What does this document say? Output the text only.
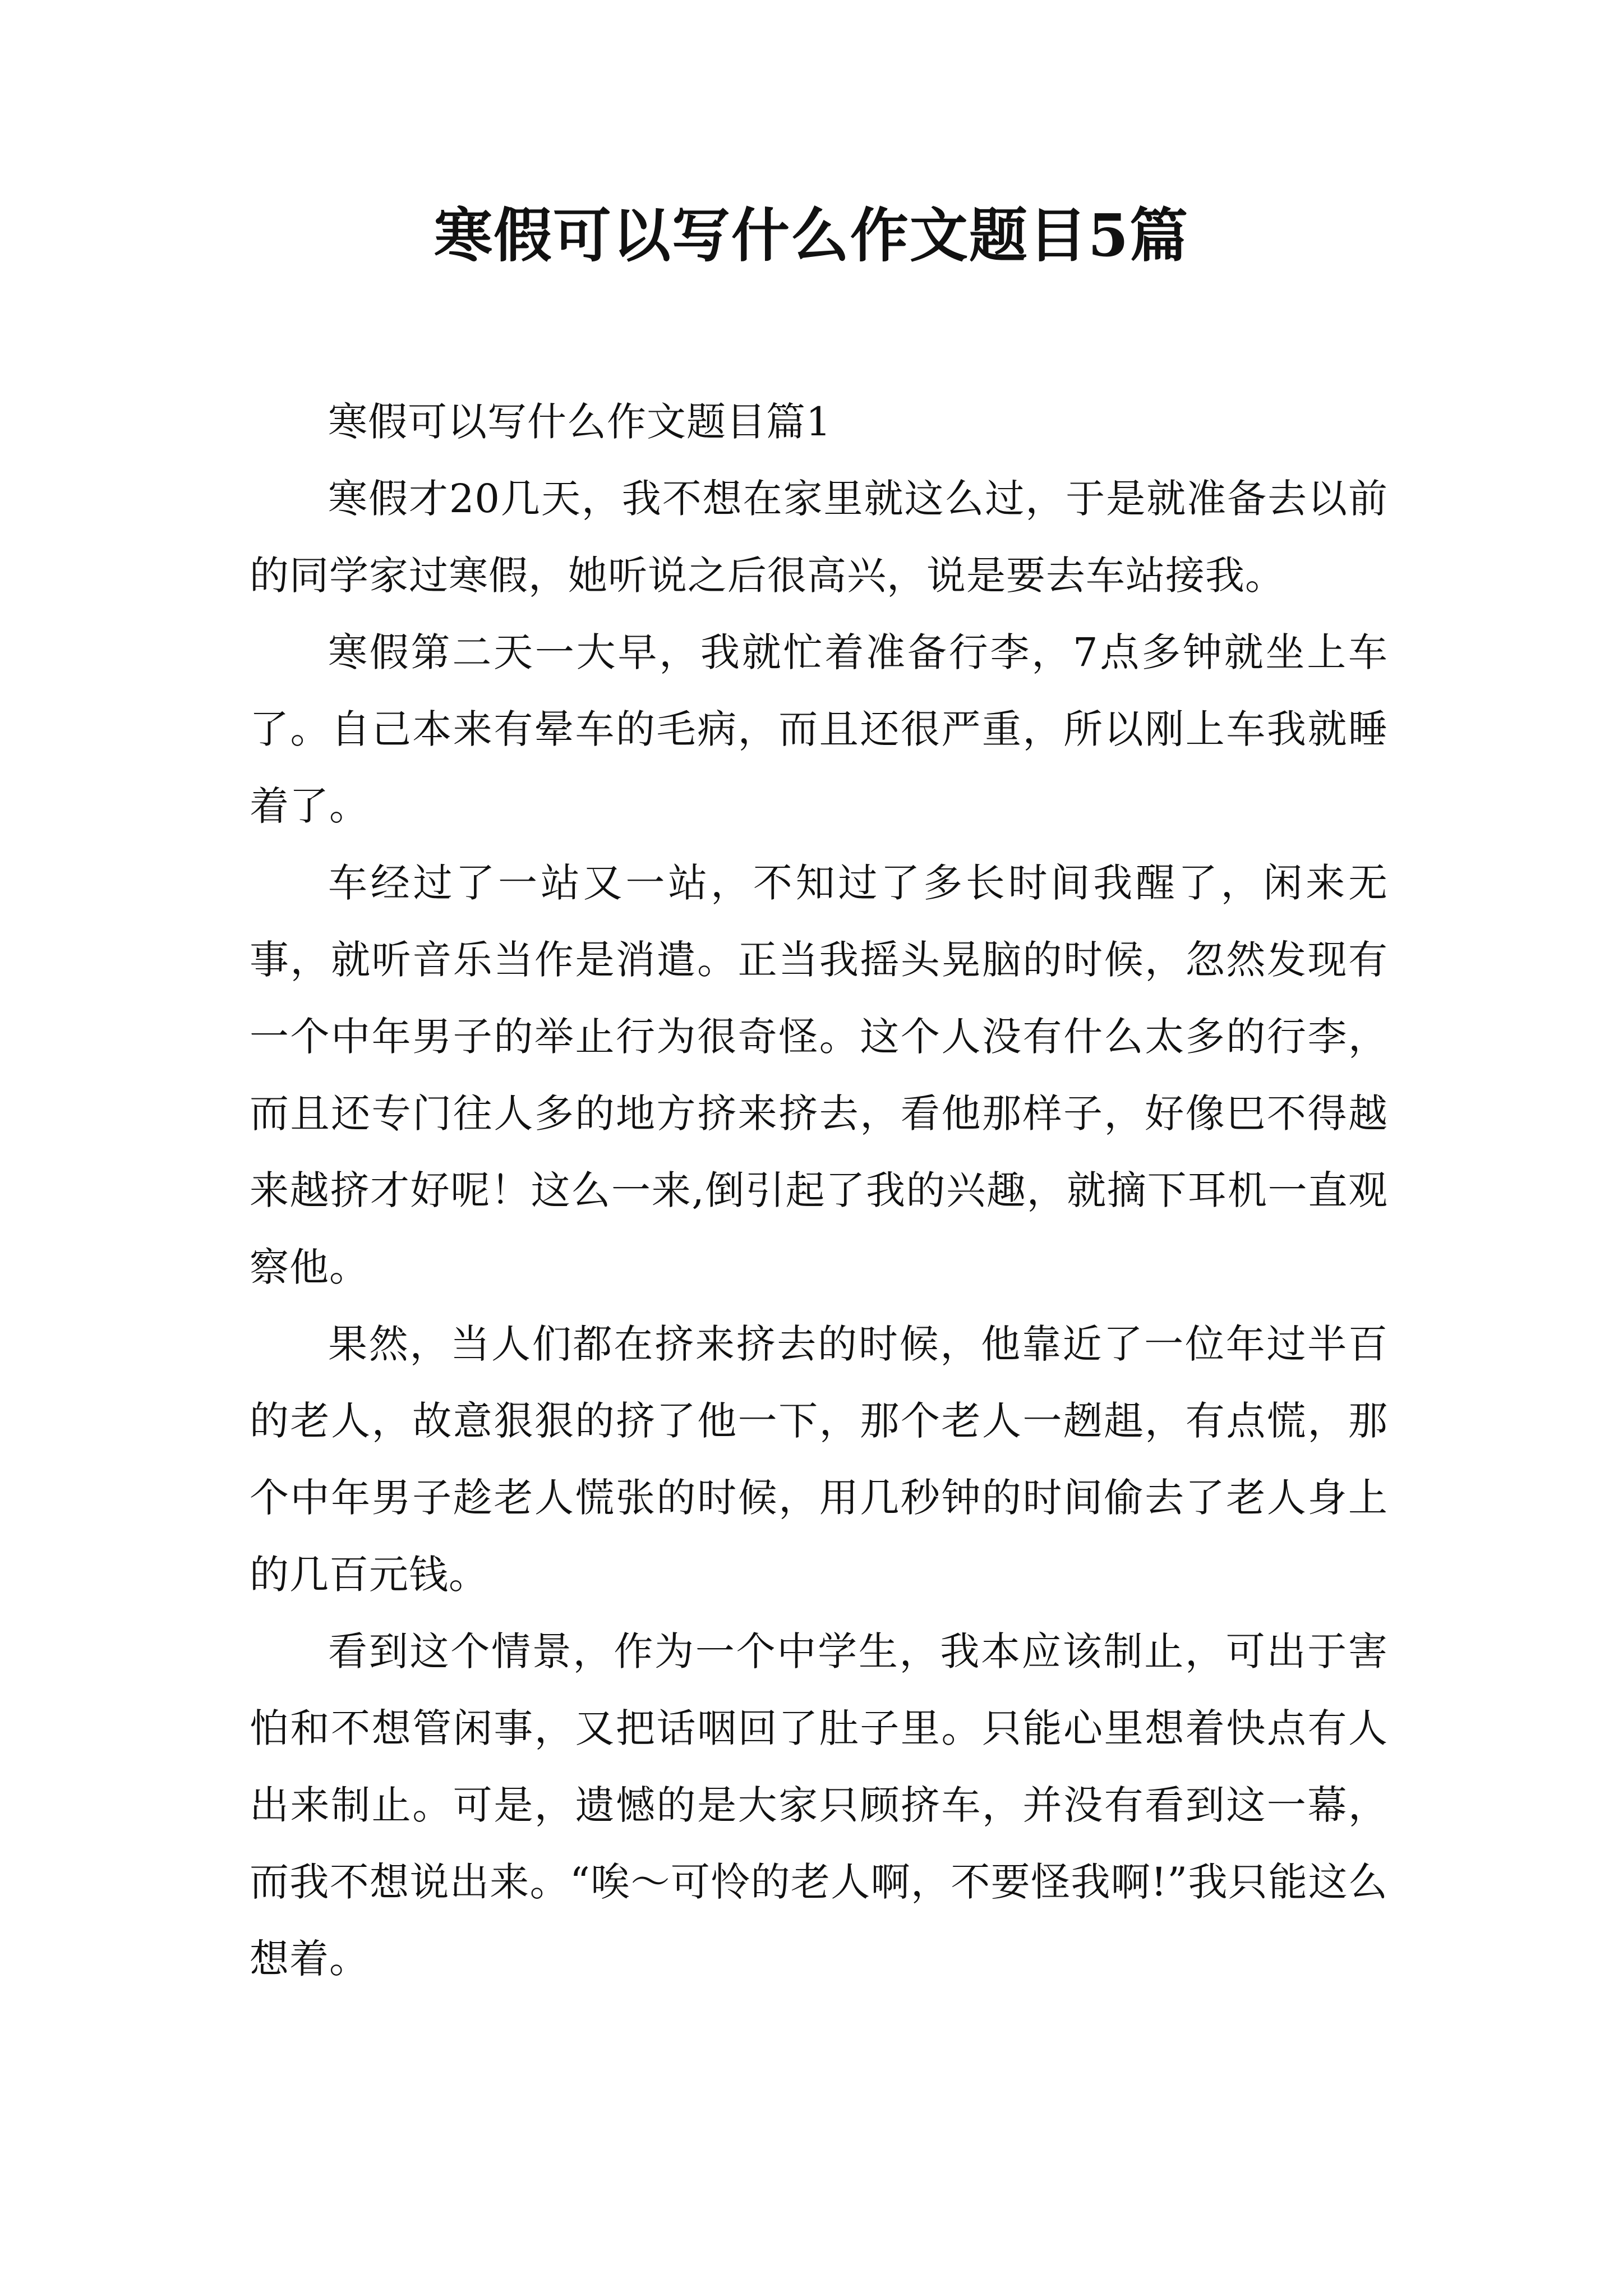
寒假可以写什么作文题目5篇

寒假可以写什么作文题目篇1

寒假才20几天，我不想在家里就这么过，于是就准备去以前的同学家过寒假，她听说之后很高兴，说是要去车站接我。

寒假第二天一大早，我就忙着准备行李，7点多钟就坐上车了。自己本来有晕车的毛病，而且还很严重，所以刚上车我就睡着了。

车经过了一站又一站，不知过了多长时间我醒了，闲来无事，就听音乐当作是消遣。正当我摇头晃脑的时候，忽然发现有一个中年男子的举止行为很奇怪。这个人没有什么太多的行李，而且还专门往人多的地方挤来挤去，看他那样子，好像巴不得越来越挤才好呢！这么一来,倒引起了我的兴趣，就摘下耳机一直观察他。

果然，当人们都在挤来挤去的时候，他靠近了一位年过半百的老人，故意狠狠的挤了他一下，那个老人一趔趄，有点慌，那个中年男子趁老人慌张的时候，用几秒钟的时间偷去了老人身上的几百元钱。

看到这个情景，作为一个中学生，我本应该制止，可出于害怕和不想管闲事，又把话咽回了肚子里。只能心里想着快点有人出来制止。可是，遗憾的是大家只顾挤车，并没有看到这一幕，而我不想说出来。“唉～可怜的老人啊，不要怪我啊!”我只能这么想着。
